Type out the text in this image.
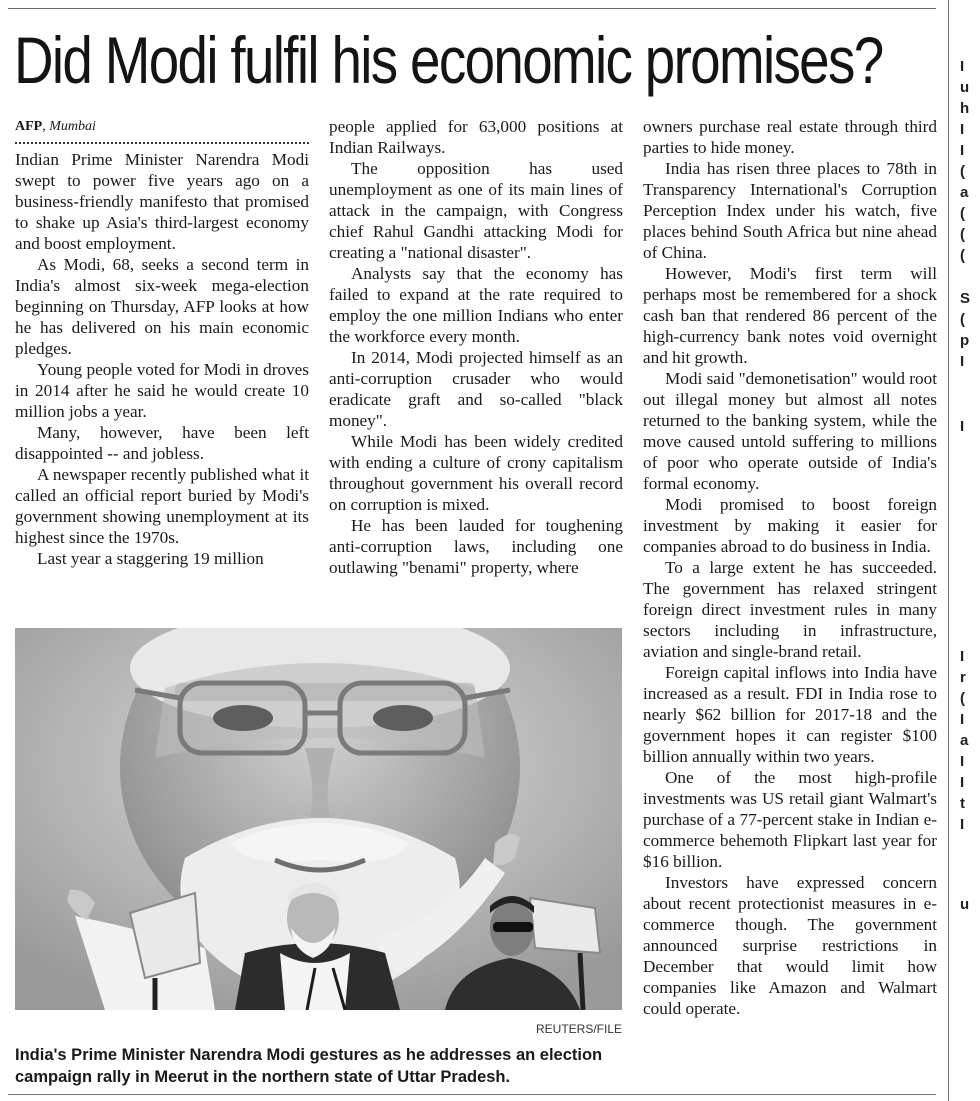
Did Modi fulfil his economic promises?
AFP, Mumbai

Indian Prime Minister Narendra Modi swept to power five years ago on a business-friendly manifesto that promised to shake up Asia's third-largest economy and boost employment.

As Modi, 68, seeks a second term in India's almost six-week mega-election beginning on Thursday, AFP looks at how he has delivered on his main economic pledges.

Young people voted for Modi in droves in 2014 after he said he would create 10 million jobs a year.

Many, however, have been left disappointed -- and jobless.

A newspaper recently published what it called an official report buried by Modi's government showing unemployment at its highest since the 1970s.

Last year a staggering 19 million

people applied for 63,000 positions at Indian Railways.

The opposition has used unemployment as one of its main lines of attack in the campaign, with Congress chief Rahul Gandhi attacking Modi for creating a "national disaster".

Analysts say that the economy has failed to expand at the rate required to employ the one million Indians who enter the workforce every month.

In 2014, Modi projected himself as an anti-corruption crusader who would eradicate graft and so-called "black money".

While Modi has been widely credited with ending a culture of crony capitalism throughout government his overall record on corruption is mixed.

He has been lauded for toughening anti-corruption laws, including one outlawing "benami" property, where

owners purchase real estate through third parties to hide money.

India has risen three places to 78th in Transparency International's Corruption Perception Index under his watch, five places behind South Africa but nine ahead of China.

However, Modi's first term will perhaps most be remembered for a shock cash ban that rendered 86 percent of the high-currency bank notes void overnight and hit growth.

Modi said "demonetisation" would root out illegal money but almost all notes returned to the banking system, while the move caused untold suffering to millions of poor who operate outside of India's formal economy.

Modi promised to boost foreign investment by making it easier for companies abroad to do business in India.

To a large extent he has succeeded. The government has relaxed stringent foreign direct investment rules in many sectors including in infrastructure, aviation and single-brand retail.

Foreign capital inflows into India have increased as a result. FDI in India rose to nearly $62 billion for 2017-18 and the government hopes it can register $100 billion annually within two years.

One of the most high-profile investments was US retail giant Walmart's purchase of a 77-percent stake in Indian e-commerce behemoth Flipkart last year for $16 billion.

Investors have expressed concern about recent protectionist measures in e-commerce though. The government announced surprise restrictions in December that would limit how companies like Amazon and Walmart could operate.

REUTERS/FILE

India's Prime Minister Narendra Modi gestures as he addresses an election campaign rally in Meerut in the northern state of Uttar Pradesh.

I
u
h
I
I
(
a
(
(
(
S
(
p
I
I
I
r
(
I
a
I
I
t
I
u
